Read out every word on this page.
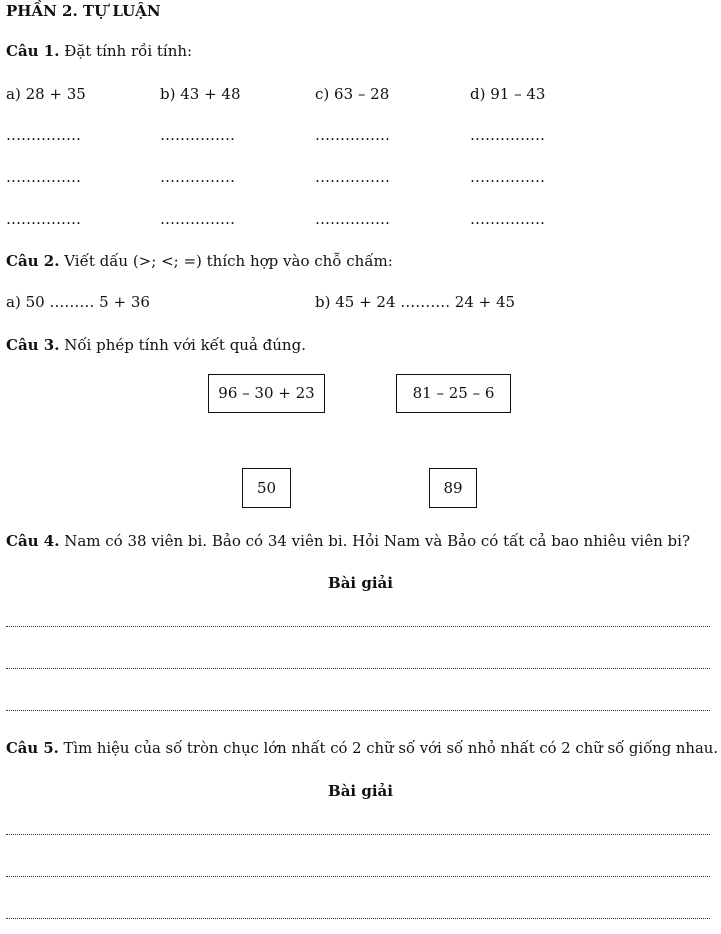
PHẦN 2. TỰ LUẬN
Câu 1. Đặt tính rồi tính:
a) 28 + 35	b) 43 + 48	c) 63 – 28	d) 91 – 43
……………	……………	……………	……………
……………	……………	……………	……………
……………	……………	……………	……………
Câu 2. Viết dấu (>; <; =) thích hợp vào chỗ chấm:
a) 50 ……… 5 + 36	b) 45 + 24 ………. 24 + 45
Câu 3. Nối phép tính với kết quả đúng.
96 – 30 + 23	81 – 25 – 6
50	89
Câu 4. Nam có 38 viên bi. Bảo có 34 viên bi. Hỏi Nam và Bảo có tất cả bao nhiêu viên bi?
Bài giải
Câu 5. Tìm hiệu của số tròn chục lớn nhất có 2 chữ số với số nhỏ nhất có 2 chữ số giống nhau.
Bài giải
